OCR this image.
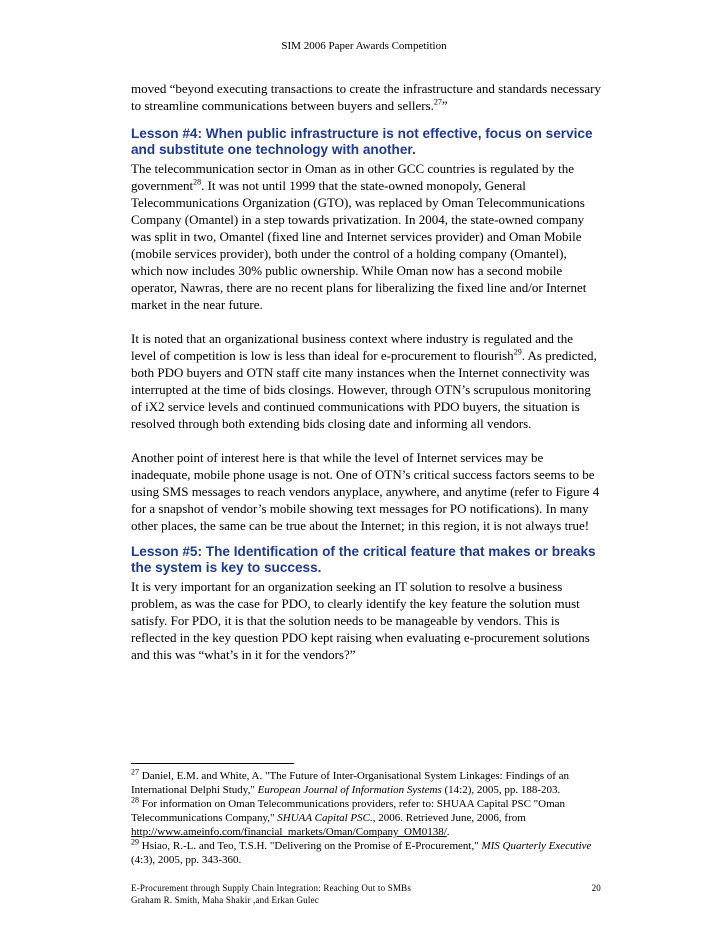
SIM 2006 Paper Awards Competition

moved “beyond executing transactions to create the infrastructure and standards necessary to streamline communications between buyers and sellers.$^{27}$”

Lesson #4: When public infrastructure is not effective, focus on service and substitute one technology with another.

The telecommunication sector in Oman as in other GCC countries is regulated by the government$^{28}$. It was not until 1999 that the state-owned monopoly, General Telecommunications Organization (GTO), was replaced by Oman Telecommunications Company (Omantel) in a step towards privatization. In 2004, the state-owned company was split in two, Omantel (fixed line and Internet services provider) and Oman Mobile (mobile services provider), both under the control of a holding company (Omantel), which now includes 30% public ownership. While Oman now has a second mobile operator, Nawras, there are no recent plans for liberalizing the fixed line and/or Internet market in the near future.

It is noted that an organizational business context where industry is regulated and the level of competition is low is less than ideal for e-procurement to flourish$^{29}$. As predicted, both PDO buyers and OTN staff cite many instances when the Internet connectivity was interrupted at the time of bids closings. However, through OTN’s scrupulous monitoring of iX2 service levels and continued communications with PDO buyers, the situation is resolved through both extending bids closing date and informing all vendors.

Another point of interest here is that while the level of Internet services may be inadequate, mobile phone usage is not. One of OTN’s critical success factors seems to be using SMS messages to reach vendors anyplace, anywhere, and anytime (refer to Figure 4 for a snapshot of vendor’s mobile showing text messages for PO notifications). In many other places, the same can be true about the Internet; in this region, it is not always true!

Lesson #5: The Identification of the critical feature that makes or breaks the system is key to success.

It is very important for an organization seeking an IT solution to resolve a business problem, as was the case for PDO, to clearly identify the key feature the solution must satisfy. For PDO, it is that the solution needs to be manageable by vendors. This is reflected in the key question PDO kept raising when evaluating e-procurement solutions and this was “what’s in it for the vendors?”

$^{27}$ Daniel, E.M. and White, A. "The Future of Inter-Organisational System Linkages: Findings of an International Delphi Study," European Journal of Information Systems (14:2), 2005, pp. 188-203.

$^{28}$ For information on Oman Telecommunications providers, refer to: SHUAA Capital PSC "Oman Telecommunications Company," SHUAA Capital PSC., 2006. Retrieved June, 2006, from
http://www.ameinfo.com/financial_markets/Oman/Company_OM0138/.

$^{29}$ Hsiao, R.-L. and Teo, T.S.H. "Delivering on the Promise of E-Procurement," MIS Quarterly Executive (4:3), 2005, pp. 343-360.

E-Procurement through Supply Chain Integration: Reaching Out to SMBs
Graham R. Smith, Maha Shakir ,and Erkan Gulec
20
